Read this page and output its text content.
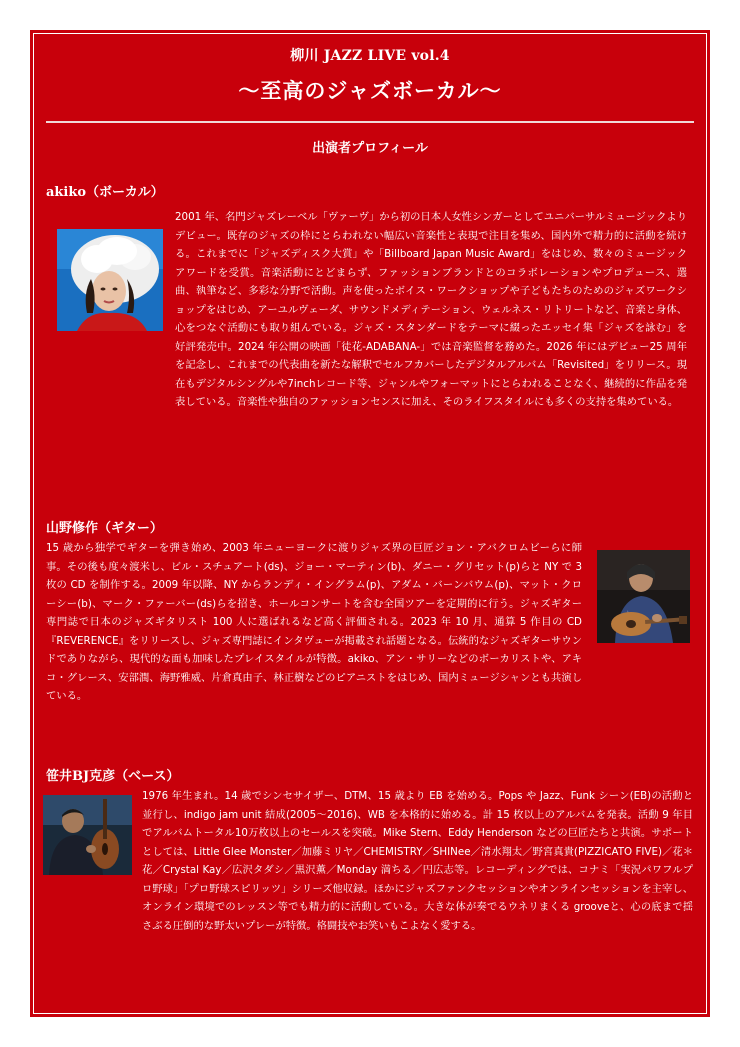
柳川 JAZZ LIVE vol.4
～至高のジャズボーカル～
出演者プロフィール
akiko（ボーカル）

2001 年、名門ジャズレーベル「ヴァーヴ」から初の日本人女性シンガーとしてユニバーサルミュージックよりデビュー。既存のジャズの枠にとらわれない幅広い音楽性と表現で注目を集め、国内外で精力的に活動を続ける。これまでに「ジャズディスク大賞」や「Billboard Japan Music Award」をはじめ、数々のミュージックアワードを受賞。音楽活動にとどまらず、ファッションブランドとのコラボレーションやプロデュース、選曲、執筆など、多彩な分野で活動。声を使ったボイス・ワークショップや子どもたちのためのジャズワークショップをはじめ、アーユルヴェーダ、サウンドメディテーション、ウェルネス・リトリートなど、音楽と身体、心をつなぐ活動にも取り組んでいる。ジャズ・スタンダードをテーマに綴ったエッセイ集「ジャズを詠む」を好評発売中。2024 年公開の映画「徒花-ADABANA-」では音楽監督を務めた。2026 年にはデビュー25 周年を記念し、これまでの代表曲を新たな解釈でセルフカバーしたデジタルアルバム「Revisited」をリリース。現在もデジタルシングルや7inchレコード等、ジャンルやフォーマットにとらわれることなく、継続的に作品を発表している。音楽性や独自のファッションセンスに加え、そのライフスタイルにも多くの支持を集めている。

山野修作（ギター）

15 歳から独学でギターを弾き始め、2003 年ニューヨークに渡りジャズ界の巨匠ジョン・アバクロムビーらに師事。その後も度々渡米し、ビル・スチュアート(ds)、ジョー・マーティン(b)、ダニー・グリセット(p)らと NY で 3 枚の CD を制作する。2009 年以降、NY からランディ・イングラム(p)、アダム・バーンバウム(p)、マット・クローシー(b)、マーク・ファーバー(ds)らを招き、ホールコンサートを含む全国ツアーを定期的に行う。ジャズギター専門誌で日本のジャズギタリスト 100 人に選ばれるなど高く評価される。2023 年 10 月、通算 5 作目の CD『REVERENCE』をリリースし、ジャズ専門誌にインタヴューが掲載され話題となる。伝統的なジャズギターサウンドでありながら、現代的な面も加味したプレイスタイルが特徴。akiko、アン・サリーなどのボーカリストや、アキコ・グレース、安部潤、海野雅威、片倉真由子、林正樹などのピアニストをはじめ、国内ミュージシャンとも共演している。

笹井BJ克彦（ベース）

1976 年生まれ。14 歳でシンセサイザー、DTM、15 歳より EB を始める。Pops や Jazz、Funk シーン(EB)の活動と並行し、indigo jam unit 結成(2005～2016)、WB を本格的に始める。計 15 枚以上のアルバムを発表。活動 9 年目でアルバムトータル10万枚以上のセールスを突破。Mike Stern、Eddy Henderson などの巨匠たちと共演。サポートとしては、Little Glee Monster／加藤ミリヤ／CHEMISTRY／SHINee／清水翔太／野宮真貴(PIZZICATO FIVE)／花＊花／Crystal Kay／広沢タダシ／黒沢薫／Monday 満ちる／円広志等。レコーディングでは、コナミ「実況パワフルプロ野球」「プロ野球スピリッツ」シリーズ他収録。ほかにジャズファンクセッションやオンラインセッションを主宰し、オンライン環境でのレッスン等でも精力的に活動している。大きな体が奏でるウネリまくる grooveと、心の底まで揺さぶる圧倒的な野太いプレーが特徴。格闘技やお笑いもこよなく愛する。
